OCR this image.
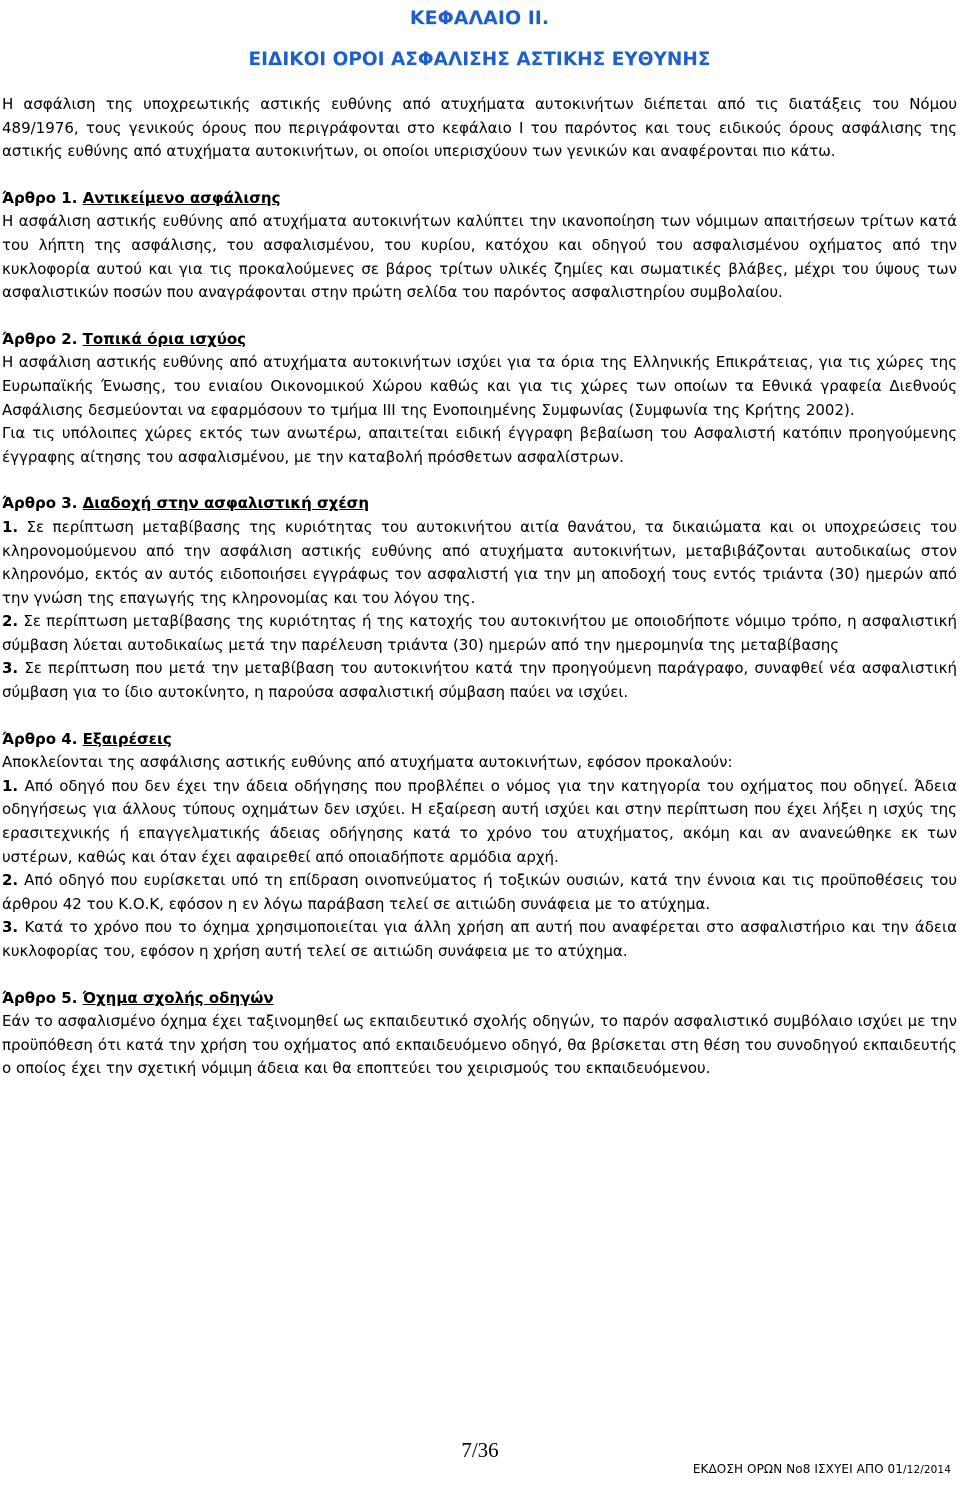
ΚΕΦΑΛΑΙΟ ΙΙ.
ΕΙΔΙΚΟΙ ΟΡΟΙ ΑΣΦΑΛΙΣΗΣ ΑΣΤΙΚΗΣ ΕΥΘΥΝΗΣ

Η ασφάλιση της υποχρεωτικής αστικής ευθύνης από ατυχήματα αυτοκινήτων διέπεται από τις διατάξεις του Νόμου 489/1976, τους γενικούς όρους που περιγράφονται στο κεφάλαιο Ι του παρόντος και τους ειδικούς όρους ασφάλισης της αστικής ευθύνης από ατυχήματα αυτοκινήτων, οι οποίοι υπερισχύουν των γενικών και αναφέρονται πιο κάτω.

Άρθρο 1. Αντικείμενο ασφάλισης

Η ασφάλιση αστικής ευθύνης από ατυχήματα αυτοκινήτων καλύπτει την ικανοποίηση των νόμιμων απαιτήσεων τρίτων κατά του λήπτη της ασφάλισης, του ασφαλισμένου, του κυρίου, κατόχου και οδηγού του ασφαλισμένου οχήματος από την κυκλοφορία αυτού και για τις προκαλούμενες σε βάρος τρίτων υλικές ζημίες και σωματικές βλάβες, μέχρι του ύψους των ασφαλιστικών ποσών που αναγράφονται στην πρώτη σελίδα του παρόντος ασφαλιστηρίου συμβολαίου.

Άρθρο 2. Τοπικά όρια ισχύος

Η ασφάλιση αστικής ευθύνης από ατυχήματα αυτοκινήτων ισχύει για τα όρια της Ελληνικής Επικράτειας, για τις χώρες της Ευρωπαϊκής Ένωσης, του ενιαίου Οικονομικού Χώρου καθώς και για τις χώρες των οποίων τα Εθνικά γραφεία Διεθνούς Ασφάλισης δεσμεύονται να εφαρμόσουν το τμήμα ΙΙΙ της Ενοποιημένης Συμφωνίας (Συμφωνία της Κρήτης 2002).

Για τις υπόλοιπες χώρες εκτός των ανωτέρω, απαιτείται ειδική έγγραφη βεβαίωση του Ασφαλιστή κατόπιν προηγούμενης έγγραφης αίτησης του ασφαλισμένου, με την καταβολή πρόσθετων ασφαλίστρων.

Άρθρο 3. Διαδοχή στην ασφαλιστική σχέση

1. Σε περίπτωση μεταβίβασης της κυριότητας του αυτοκινήτου αιτία θανάτου, τα δικαιώματα και οι υποχρεώσεις του κληρονομούμενου από την ασφάλιση αστικής ευθύνης από ατυχήματα αυτοκινήτων, μεταβιβάζονται αυτοδικαίως στον κληρονόμο, εκτός αν αυτός ειδοποιήσει εγγράφως τον ασφαλιστή για την μη αποδοχή τους εντός τριάντα (30) ημερών από την γνώση της επαγωγής της κληρονομίας και του λόγου της.

2. Σε περίπτωση μεταβίβασης της κυριότητας ή της κατοχής του αυτοκινήτου με οποιοδήποτε νόμιμο τρόπο, η ασφαλιστική σύμβαση λύεται αυτοδικαίως μετά την παρέλευση τριάντα (30) ημερών από την ημερομηνία της μεταβίβασης

3. Σε περίπτωση που μετά την μεταβίβαση του αυτοκινήτου κατά την προηγούμενη παράγραφο, συναφθεί νέα ασφαλιστική σύμβαση για το ίδιο αυτοκίνητο, η παρούσα ασφαλιστική σύμβαση παύει να ισχύει.

Άρθρο 4. Εξαιρέσεις

Αποκλείονται της ασφάλισης αστικής ευθύνης από ατυχήματα αυτοκινήτων, εφόσον προκαλούν:

1. Από οδηγό που δεν έχει την άδεια οδήγησης που προβλέπει ο νόμος για την κατηγορία του οχήματος που οδηγεί. Άδεια οδηγήσεως για άλλους τύπους οχημάτων δεν ισχύει. Η εξαίρεση αυτή ισχύει και στην περίπτωση που έχει λήξει η ισχύς της ερασιτεχνικής ή επαγγελματικής άδειας οδήγησης κατά το χρόνο του ατυχήματος, ακόμη και αν ανανεώθηκε εκ των υστέρων, καθώς και όταν έχει αφαιρεθεί από οποιαδήποτε αρμόδια αρχή.

2. Από οδηγό που ευρίσκεται υπό τη επίδραση οινοπνεύματος ή τοξικών ουσιών, κατά την έννοια και τις προϋποθέσεις του άρθρου 42 του Κ.Ο.Κ, εφόσον η εν λόγω παράβαση τελεί σε αιτιώδη συνάφεια με το ατύχημα.

3. Κατά το χρόνο που το όχημα χρησιμοποιείται για άλλη χρήση απ αυτή που αναφέρεται στο ασφαλιστήριο και την άδεια κυκλοφορίας του, εφόσον η χρήση αυτή τελεί σε αιτιώδη συνάφεια με το ατύχημα.

Άρθρο 5. Όχημα σχολής οδηγών

Εάν το ασφαλισμένο όχημα έχει ταξινομηθεί ως εκπαιδευτικό σχολής οδηγών, το παρόν ασφαλιστικό συμβόλαιο ισχύει με την προϋπόθεση ότι κατά την χρήση του οχήματος από εκπαιδευόμενο οδηγό, θα βρίσκεται στη θέση του συνοδηγού εκπαιδευτής ο οποίος έχει την σχετική νόμιμη άδεια και θα εποπτεύει του χειρισμούς του εκπαιδευόμενου.

7/36
ΕΚΔΟΣΗ ΟΡΩΝ Νο8 ΙΣΧΥΕΙ ΑΠΟ 01/12/2014
